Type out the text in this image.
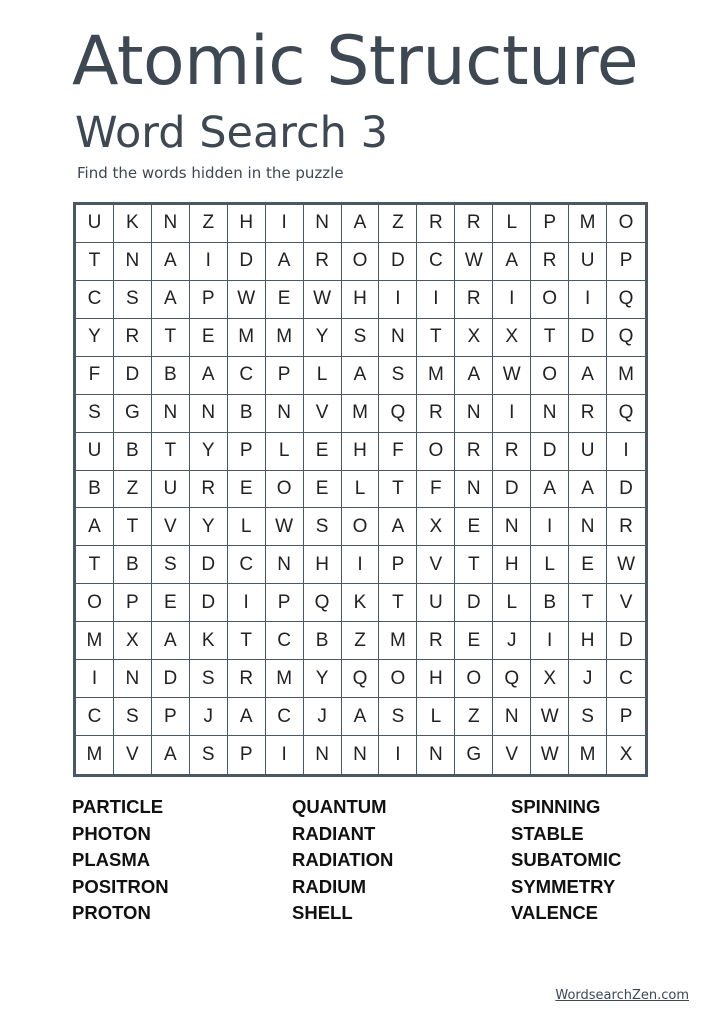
Atomic Structure
Word Search 3
Find the words hidden in the puzzle
U	K	N	Z	H	I	N	A	Z	R	R	L	P	M	O
T	N	A	I	D	A	R	O	D	C	W	A	R	U	P
C	S	A	P	W	E	W	H	I	I	R	I	O	I	Q
Y	R	T	E	M	M	Y	S	N	T	X	X	T	D	Q
F	D	B	A	C	P	L	A	S	M	A	W	O	A	M
S	G	N	N	B	N	V	M	Q	R	N	I	N	R	Q
U	B	T	Y	P	L	E	H	F	O	R	R	D	U	I
B	Z	U	R	E	O	E	L	T	F	N	D	A	A	D
A	T	V	Y	L	W	S	O	A	X	E	N	I	N	R
T	B	S	D	C	N	H	I	P	V	T	H	L	E	W
O	P	E	D	I	P	Q	K	T	U	D	L	B	T	V
M	X	A	K	T	C	B	Z	M	R	E	J	I	H	D
I	N	D	S	R	M	Y	Q	O	H	O	Q	X	J	C
C	S	P	J	A	C	J	A	S	L	Z	N	W	S	P
M	V	A	S	P	I	N	N	I	N	G	V	W	M	X
PARTICLE
PHOTON
PLASMA
POSITRON
PROTON
QUANTUM
RADIANT
RADIATION
RADIUM
SHELL
SPINNING
STABLE
SUBATOMIC
SYMMETRY
VALENCE
WordsearchZen.com
